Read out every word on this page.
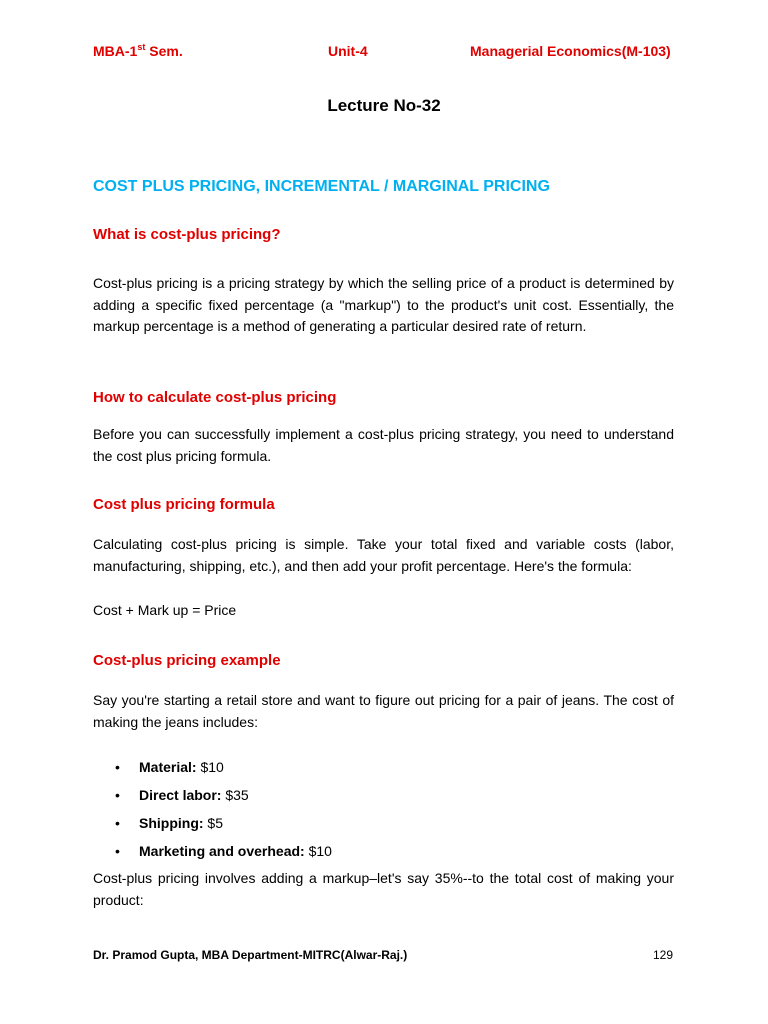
MBA-1st Sem.	Unit-4	Managerial Economics(M-103)
Lecture No-32
COST PLUS PRICING, INCREMENTAL / MARGINAL PRICING
What is cost-plus pricing?
Cost-plus pricing is a pricing strategy by which the selling price of a product is determined by adding a specific fixed percentage (a "markup") to the product's unit cost. Essentially, the markup percentage is a method of generating a particular desired rate of return.
How to calculate cost-plus pricing
Before you can successfully implement a cost-plus pricing strategy, you need to understand the cost plus pricing formula.
Cost plus pricing formula
Calculating cost-plus pricing is simple. Take your total fixed and variable costs (labor, manufacturing, shipping, etc.), and then add your profit percentage. Here's the formula:
Cost + Mark up = Price
Cost-plus pricing example
Say you're starting a retail store and want to figure out pricing for a pair of jeans. The cost of making the jeans includes:
• Material: $10
• Direct labor: $35
• Shipping: $5
• Marketing and overhead: $10
Cost-plus pricing involves adding a markup–let's say 35%--to the total cost of making your product:
Dr. Pramod Gupta, MBA Department-MITRC(Alwar-Raj.)	129
